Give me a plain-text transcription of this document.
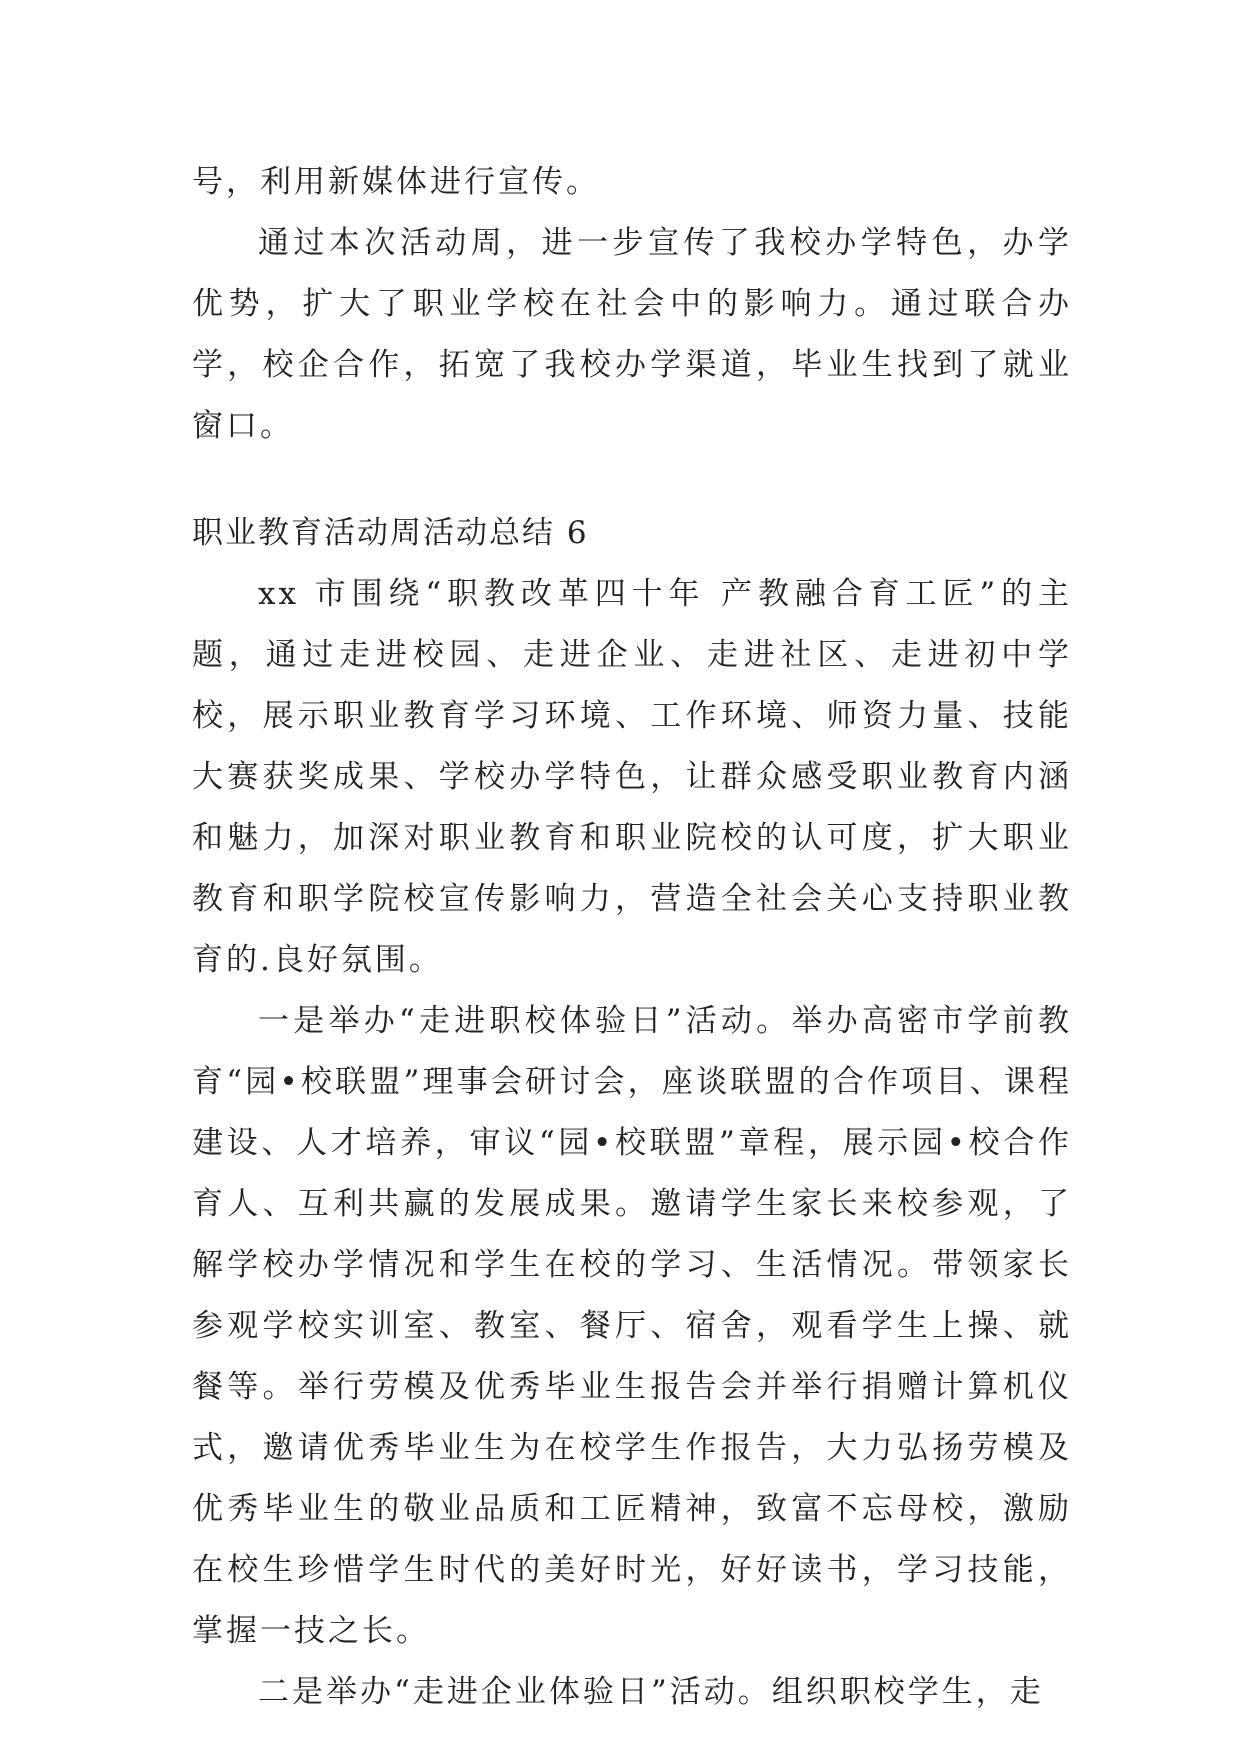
号，利用新媒体进行宣传。

通过本次活动周，进一步宣传了我校办学特色，办学优势，扩大了职业学校在社会中的影响力。通过联合办学，校企合作，拓宽了我校办学渠道，毕业生找到了就业窗口。

职业教育活动周活动总结 6

xx 市围绕“职教改革四十年 产教融合育工匠”的主题，通过走进校园、走进企业、走进社区、走进初中学校，展示职业教育学习环境、工作环境、师资力量、技能大赛获奖成果、学校办学特色，让群众感受职业教育内涵和魅力，加深对职业教育和职业院校的认可度，扩大职业教育和职学院校宣传影响力，营造全社会关心支持职业教育的.良好氛围。

一是举办“走进职校体验日”活动。举办高密市学前教育“园•校联盟”理事会研讨会，座谈联盟的合作项目、课程建设、人才培养，审议“园•校联盟”章程，展示园•校合作育人、互利共赢的发展成果。邀请学生家长来校参观，了解学校办学情况和学生在校的学习、生活情况。带领家长参观学校实训室、教室、餐厅、宿舍，观看学生上操、就餐等。举行劳模及优秀毕业生报告会并举行捐赠计算机仪式，邀请优秀毕业生为在校学生作报告，大力弘扬劳模及优秀毕业生的敬业品质和工匠精神，致富不忘母校，激励在校生珍惜学生时代的美好时光，好好读书，学习技能，掌握一技之长。

二是举办“走进企业体验日”活动。组织职校学生，走
